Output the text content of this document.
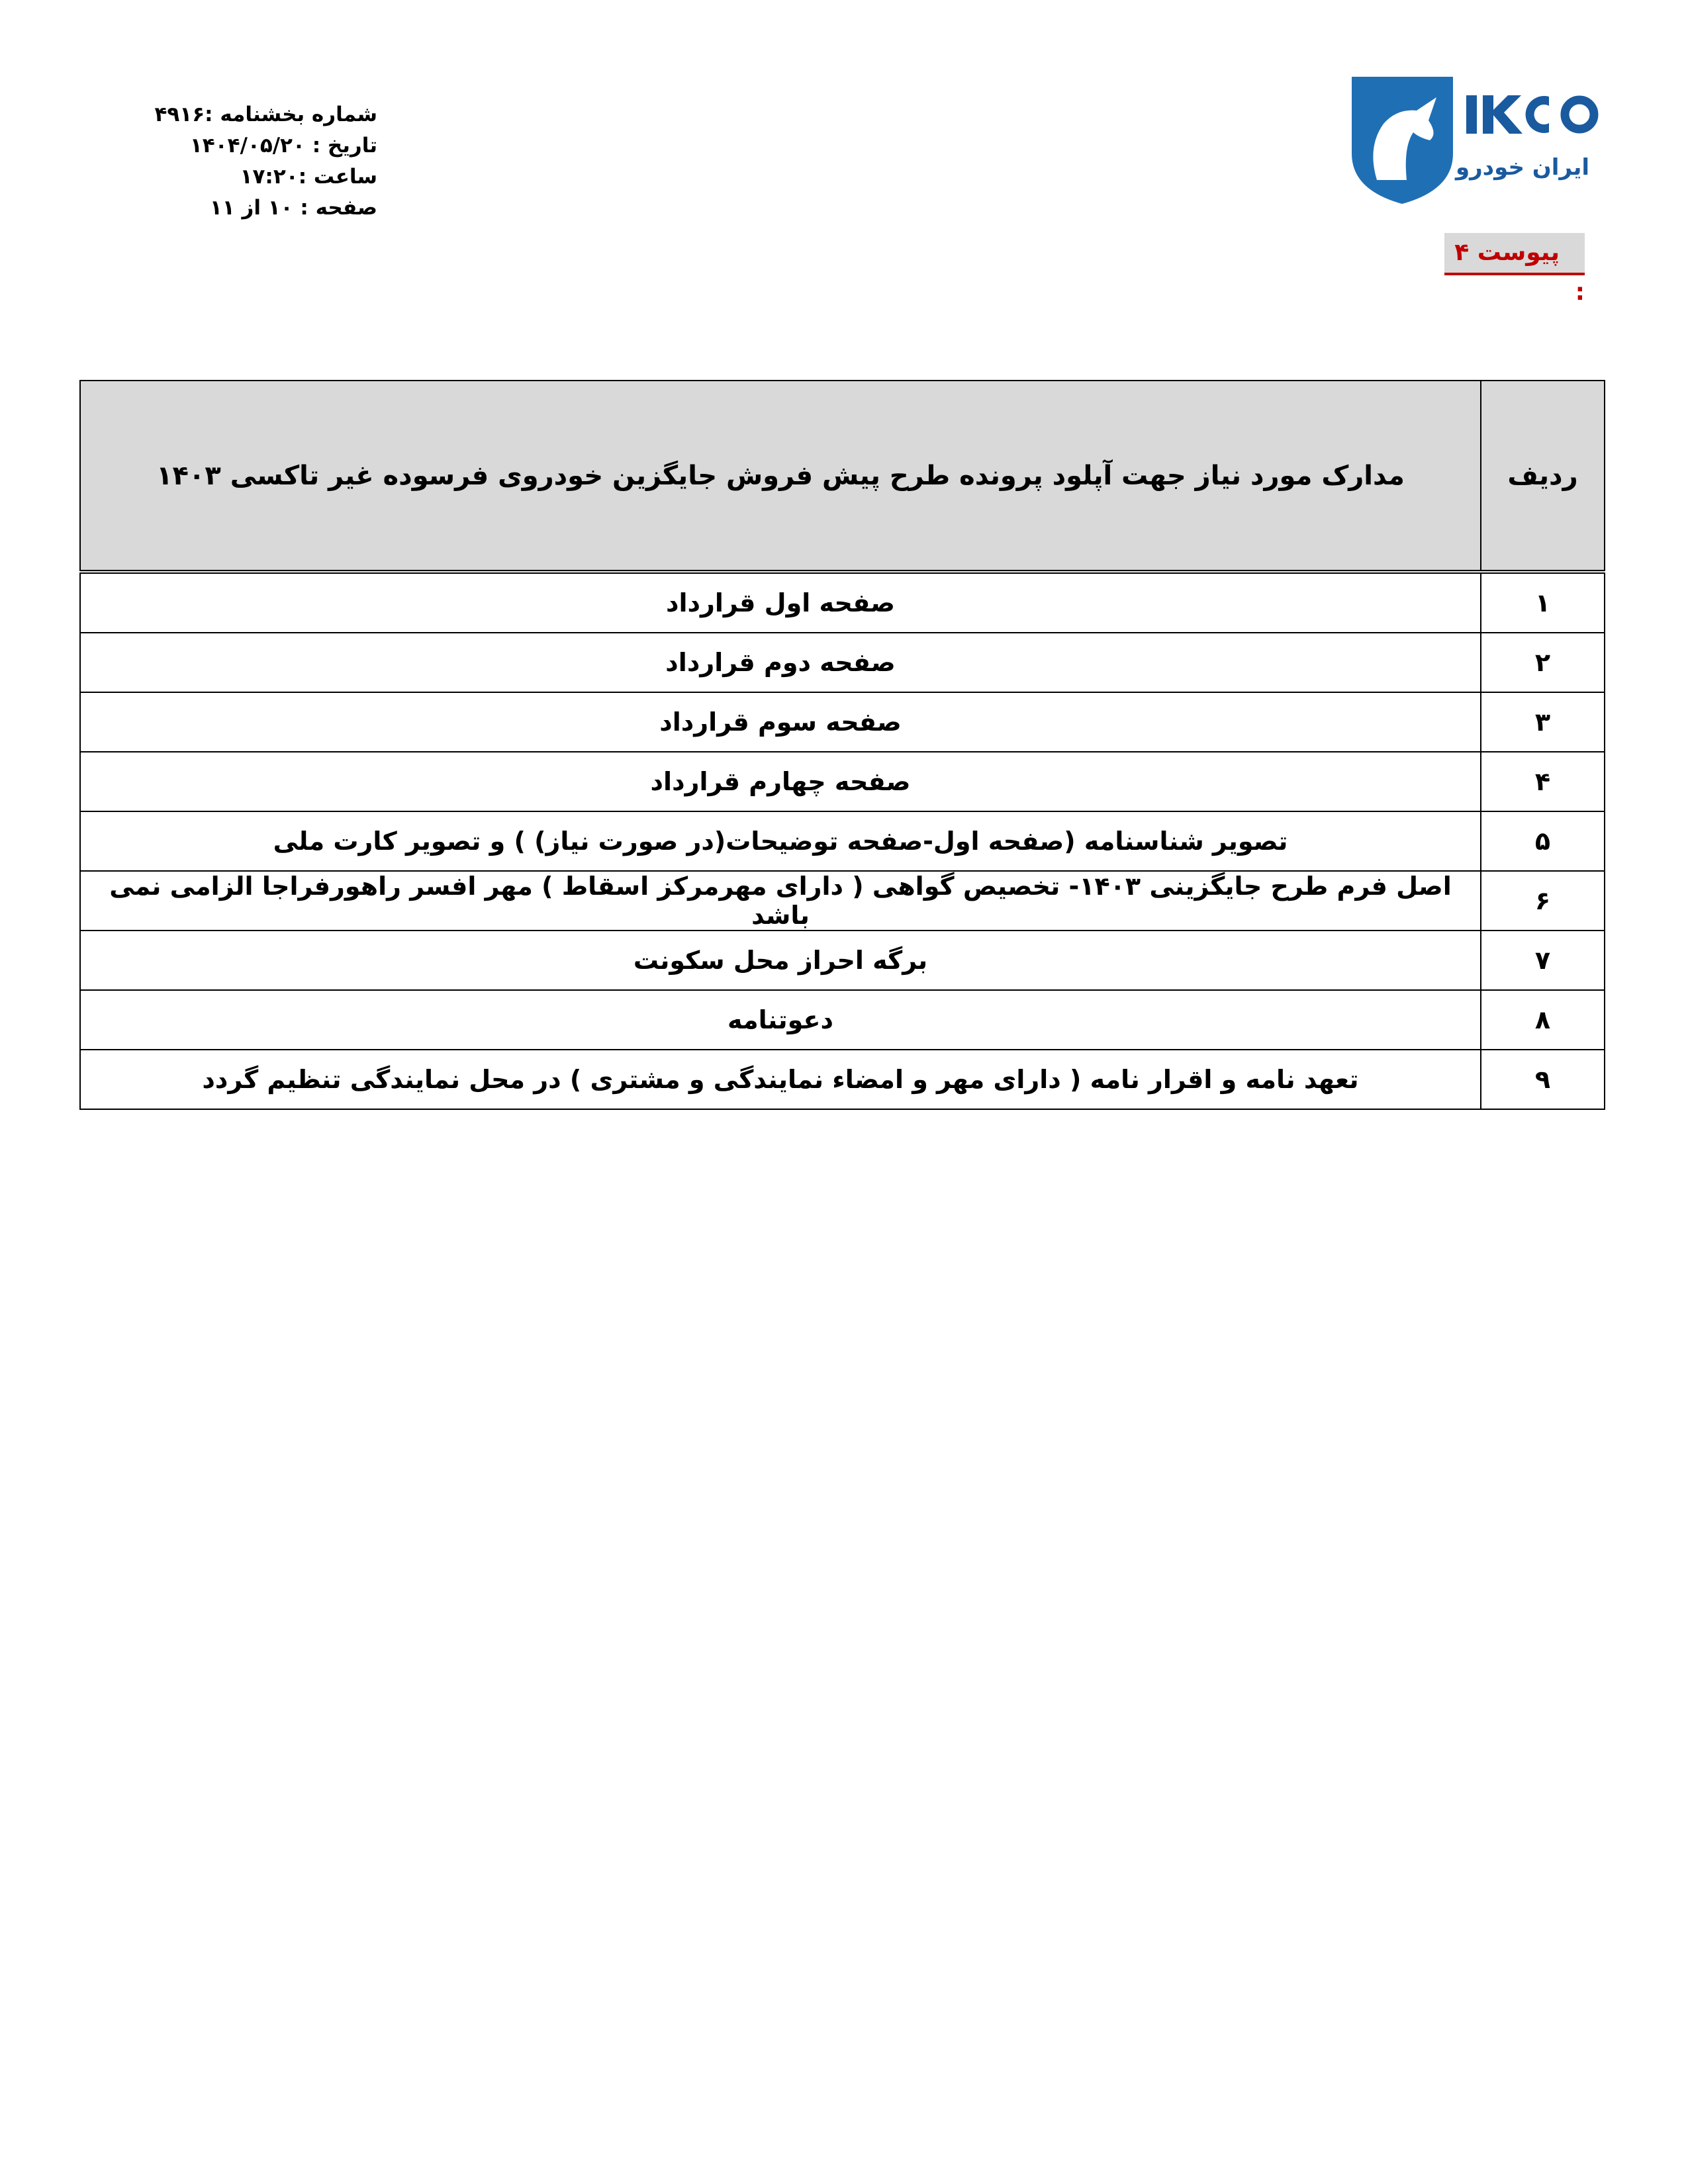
ایران خودرو
شماره بخشنامه :۴۹۱۶
تاریخ : ۱۴۰۴/۰۵/۲۰
ساعت :۱۷:۲۰
صفحه : ۱۰ از ۱۱
پیوست ۴ :
ردیف	مدارک مورد نیاز جهت آپلود پرونده طرح پیش فروش جایگزین خودروی فرسوده غیر تاکسی ۱۴۰۳
۱	صفحه اول قرارداد
۲	صفحه دوم قرارداد
۳	صفحه سوم قرارداد
۴	صفحه چهارم قرارداد
۵	تصویر شناسنامه (صفحه اول-صفحه توضیحات(در صورت نیاز) ) و تصویر کارت ملی
۶	اصل فرم طرح جایگزینی ۱۴۰۳- تخصیص گواهی ( دارای مهرمرکز اسقاط ) مهر افسر راهورفراجا الزامی نمی باشد
۷	برگه احراز محل سکونت
۸	دعوتنامه
۹	تعهد نامه و اقرار نامه ( دارای مهر و امضاء نمایندگی و مشتری ) در محل نمایندگی تنظیم گردد
